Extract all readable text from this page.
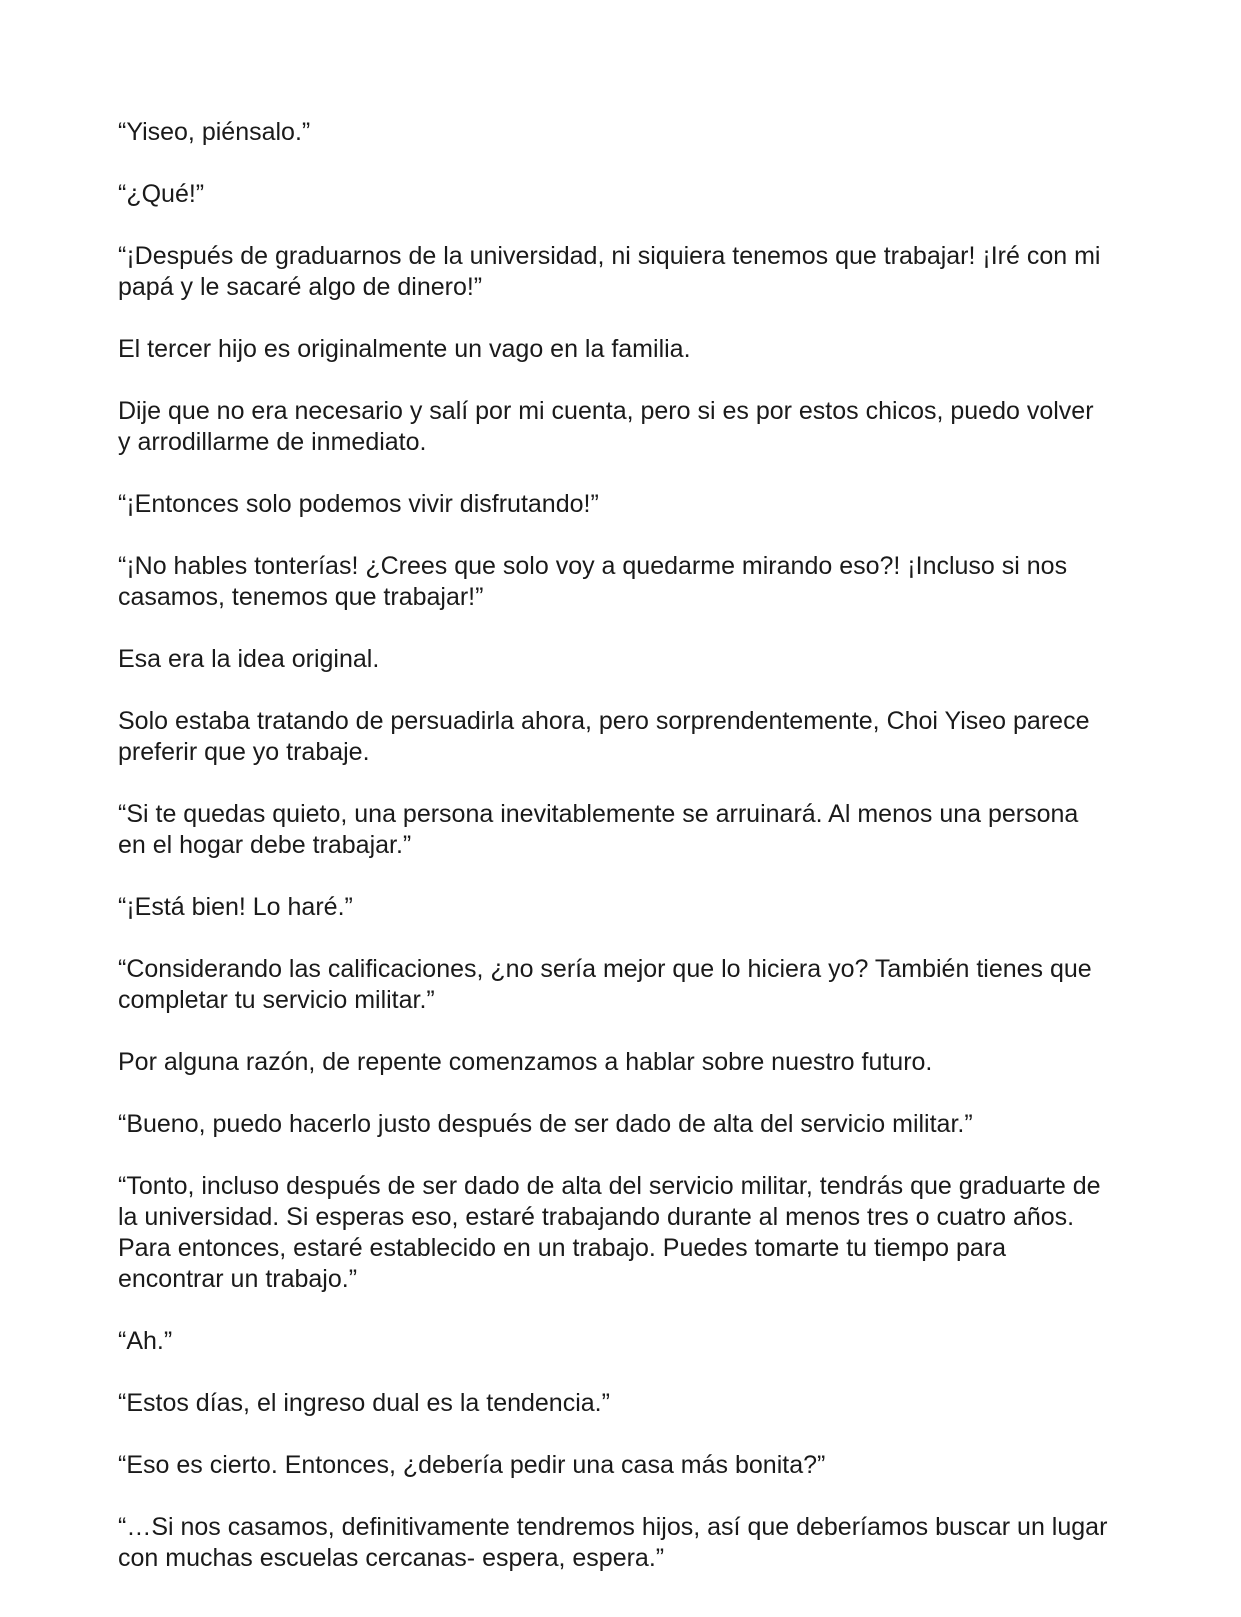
“Yiseo, piénsalo.”

“¿Qué!”

“¡Después de graduarnos de la universidad, ni siquiera tenemos que trabajar! ¡Iré con mi papá y le sacaré algo de dinero!”

El tercer hijo es originalmente un vago en la familia.

Dije que no era necesario y salí por mi cuenta, pero si es por estos chicos, puedo volver y arrodillarme de inmediato.

“¡Entonces solo podemos vivir disfrutando!”

“¡No hables tonterías! ¿Crees que solo voy a quedarme mirando eso?! ¡Incluso si nos casamos, tenemos que trabajar!”

Esa era la idea original.

Solo estaba tratando de persuadirla ahora, pero sorprendentemente, Choi Yiseo parece preferir que yo trabaje.

“Si te quedas quieto, una persona inevitablemente se arruinará. Al menos una persona en el hogar debe trabajar.”

“¡Está bien! Lo haré.”

“Considerando las calificaciones, ¿no sería mejor que lo hiciera yo? También tienes que completar tu servicio militar.”

Por alguna razón, de repente comenzamos a hablar sobre nuestro futuro.

“Bueno, puedo hacerlo justo después de ser dado de alta del servicio militar.”

“Tonto, incluso después de ser dado de alta del servicio militar, tendrás que graduarte de la universidad. Si esperas eso, estaré trabajando durante al menos tres o cuatro años. Para entonces, estaré establecido en un trabajo. Puedes tomarte tu tiempo para encontrar un trabajo.”

“Ah.”

“Estos días, el ingreso dual es la tendencia.”

“Eso es cierto. Entonces, ¿debería pedir una casa más bonita?”

“…Si nos casamos, definitivamente tendremos hijos, así que deberíamos buscar un lugar con muchas escuelas cercanas- espera, espera.”
